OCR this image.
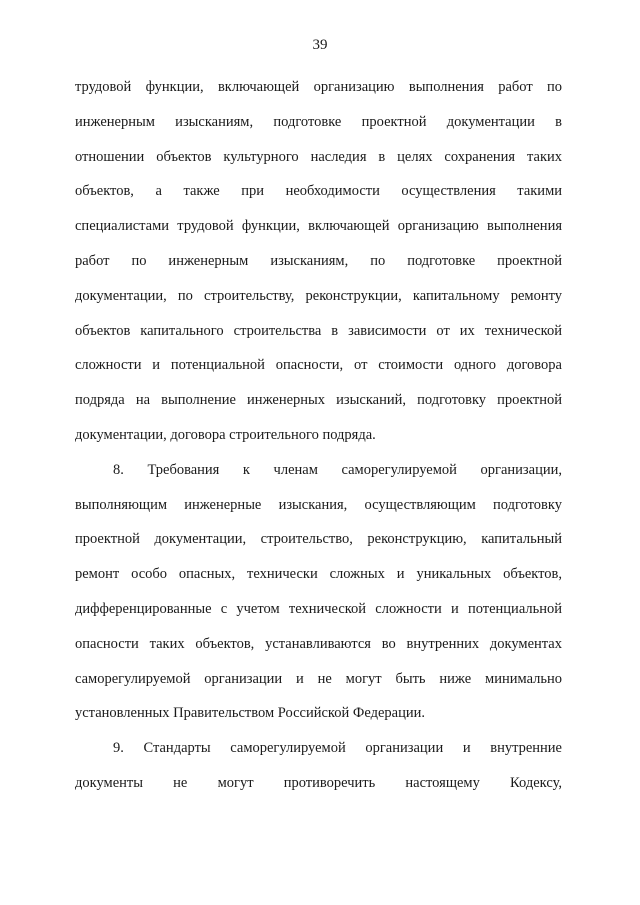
39
трудовой функции, включающей организацию выполнения работ по
инженерным изысканиям, подготовке проектной документации в
отношении объектов культурного наследия в целях сохранения таких
объектов, а также при необходимости осуществления такими
специалистами трудовой функции, включающей организацию выполнения
работ по инженерным изысканиям, по подготовке проектной
документации, по строительству, реконструкции, капитальному ремонту
объектов капитального строительства в зависимости от их технической
сложности и потенциальной опасности, от стоимости одного договора
подряда на выполнение инженерных изысканий, подготовку проектной
документации, договора строительного подряда.
8. Требования к членам саморегулируемой организации,
выполняющим инженерные изыскания, осуществляющим подготовку
проектной документации, строительство, реконструкцию, капитальный
ремонт особо опасных, технически сложных и уникальных объектов,
дифференцированные с учетом технической сложности и потенциальной
опасности таких объектов, устанавливаются во внутренних документах
саморегулируемой организации и не могут быть ниже минимально
установленных Правительством Российской Федерации.
9. Стандарты саморегулируемой организации и внутренние
документы не могут противоречить настоящему Кодексу,
